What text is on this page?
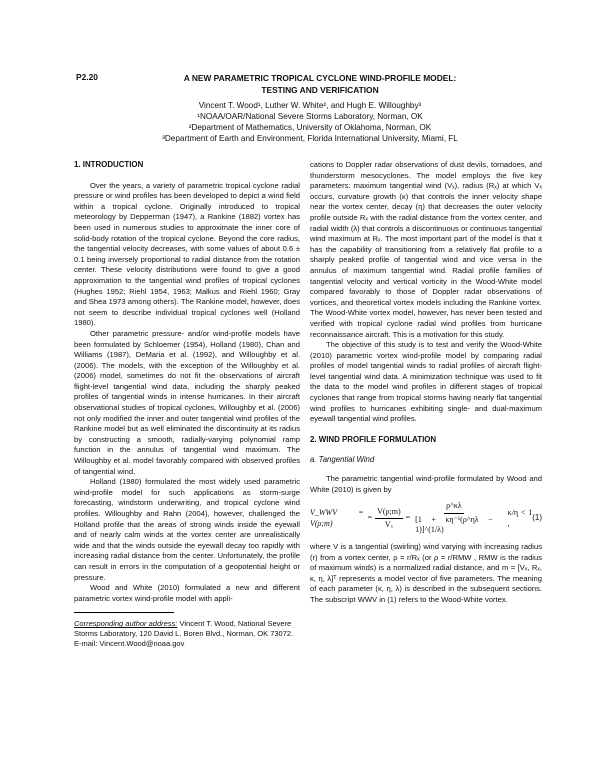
P2.20	A NEW PARAMETRIC TROPICAL CYCLONE WIND-PROFILE MODEL:
TESTING AND VERIFICATION
Vincent T. Wood¹, Luther W. White², and Hugh E. Willoughby³
¹NOAA/OAR/National Severe Storms Laboratory, Norman, OK
²Department of Mathematics, University of Oklahoma, Norman, OK
³Department of Earth and Environment, Florida International University, Miami, FL
1. INTRODUCTION

Over the years, a variety of parametric tropical cyclone radial pressure or wind profiles has been developed to depict a wind field within a tropical cyclone. Originally introduced to tropical meteorology by Depperman (1947), a Rankine (1882) vortex has been used in numerous studies to approximate the inner core of solid-body rotation of the tropical cyclone. Beyond the core radius, the tangential velocity decreases, with some values of about 0.6 ± 0.1 being inversely proportional to radial distance from the rotation center. These velocity distributions were found to give a good approximation to the tangential wind profiles of tropical cyclones (Hughes 1952; Riehl 1954, 1963; Malkus and Riehl 1960; Gray and Shea 1973 among others). The Rankine model, however, does not seem to describe individual tropical cyclones well (Holland 1980).

Other parametric pressure- and/or wind-profile models have been formulated by Schloemer (1954), Holland (1980), Chan and Williams (1987), DeMaria et al. (1992), and Willoughby et al. (2006). The models, with the exception of the Willoughby et al. (2006) model, sometimes do not fit the observations of aircraft flight-level tangential wind data, including the sharply peaked profiles of tangential winds in intense hurricanes. In their aircraft observational studies of tropical cyclones, Willoughby et al. (2006) not only modified the inner and outer tangential wind profiles of the Rankine model but as well eliminated the discontinuity at its radius by constructing a smooth, radially-varying polynomial ramp function in the annulus of tangential wind maximum. The Willoughby et al. model favorably compared with observed profiles of tangential wind.

Holland (1980) formulated the most widely used parametric wind-profile model for such applications as storm-surge forecasting, windstorm underwriting, and tropical cyclone wind profiles. Willoughby and Rahn (2004), however, challenged the Holland profile that the areas of strong winds inside the eyewall and of nearly calm winds at the vortex center are unrealistically wide and that the winds outside the eyewall decay too rapidly with increasing radial distance from the center. Unfortunately, the profile can result in errors in the computation of a geopotential height or pressure.

Wood and White (2010) formulated a new and different parametric vortex wind-profile model with appli-

Corresponding author address: Vincent T. Wood, National Severe Storms Laboratory, 120 David L. Boren Blvd., Norman, OK 73072. E-mail: Vincent.Wood@noaa.gov

cations to Doppler radar observations of dust devils, tornadoes, and thunderstorm mesocyclones. The model employs the five key parameters: maximum tangential wind (Vₓ), radius (Rₓ) at which Vₓ occurs, curvature growth (κ) that controls the inner velocity shape near the vortex center, decay (η) that decreases the outer velocity profile outside Rₓ with the radial distance from the vortex center, and radial width (λ) that controls a discontinuous or continuous tangential wind maximum at Rₓ. The most important part of the model is that it has the capability of transitioning from a relatively flat profile to a sharply peaked profile of tangential wind and vice versa in the annulus of maximum tangential wind. Radial profile families of tangential velocity and vertical vorticity in the Wood-White model compared favorably to those of Doppler radar observations of vortices, and theoretical vortex models including the Rankine vortex. The Wood-White vortex model, however, has never been tested and verified with tropical cyclone radial wind profiles from hurricane reconnaissance aircraft. This is a motivation for this study.

The objective of this study is to test and verify the Wood-White (2010) parametric vortex wind-profile model by comparing radial profiles of model tangential winds to radial profiles of aircraft flight-level tangential wind data. A minimization technique was used to fit the data to the model wind profiles in different stages of tropical cyclones that range from tropical storms having nearly flat tangential wind profiles to hurricanes exhibiting single- and dual-maximum eyewall tangential wind profiles.

2. WIND PROFILE FORMULATION
a. Tangential Wind

The parametric tangential wind-profile formulated by Wood and White (2010) is given by

V_WWV = V(ρ;m)
= $\frac{V(\rho;m)}{\text{Vₓ}} = \frac{\rho\^{}\kappa\lambda}{\text{[1 + κη⁻¹(ρ\textasciicircum{}ηλ − 1)]\textasciicircum{}(1/λ)}} \kappa/\eta < 1$ ,
(1)

where V is a tangential (swirling) wind varying with increasing radius (r) from a vortex center, ρ = r/Rₓ (or ρ = r/RMW , RMW is the radius of maximum winds) is a normalized radial distance, and m = [Vₓ, Rₓ, κ, η, λ]ᵀ represents a model vector of five parameters. The meaning of each parameter (κ, η, λ) is described in the subsequent sections. The subscript WWV in (1) refers to the Wood-White vortex.
